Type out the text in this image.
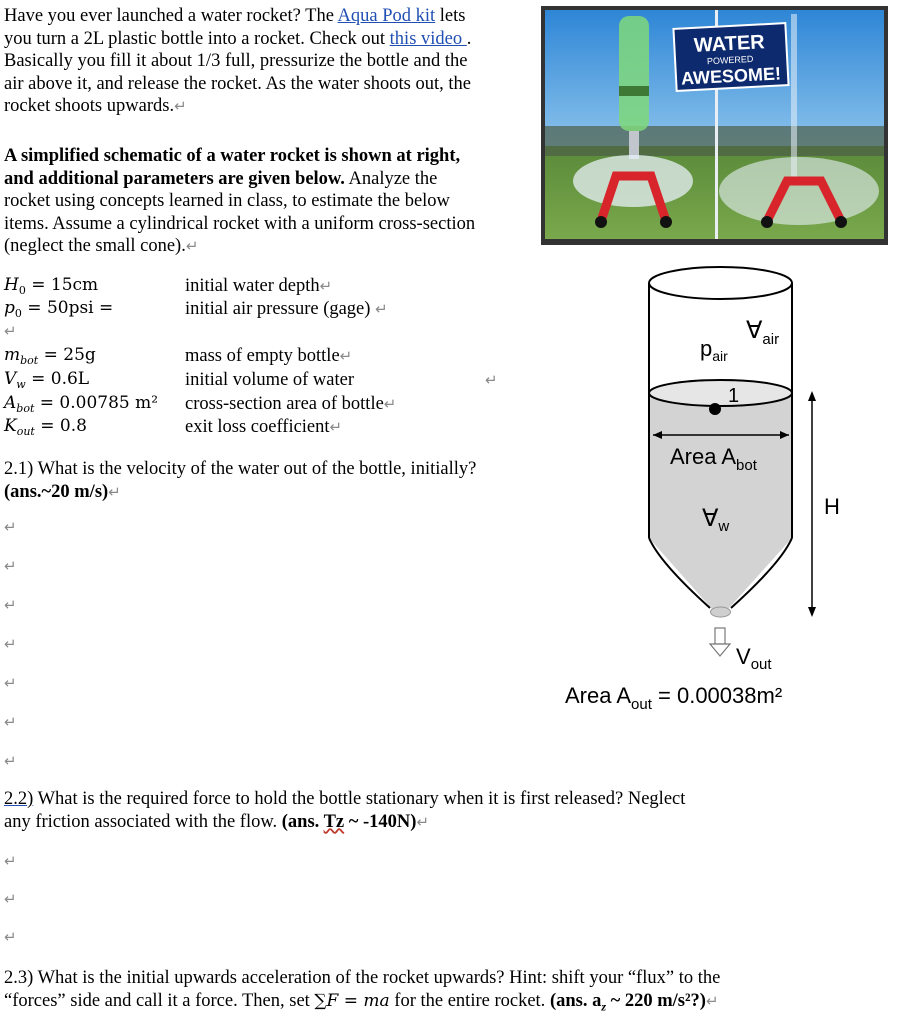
Have you ever launched a water rocket? The Aqua Pod kit lets
you turn a 2L plastic bottle into a rocket. Check out this video .
Basically you fill it about 1/3 full, pressurize the bottle and the
air above it, and release the rocket. As the water shoots out, the
rocket shoots upwards.↵
A simplified schematic of a water rocket is shown at right,
and additional parameters are given below. Analyze the
rocket using concepts learned in class, to estimate the below
items. Assume a cylindrical rocket with a uniform cross-section
(neglect the small cone).↵
$H_0 = 15cm$	initial water depth↵
$p_0 = 50psi$ =	initial air pressure (gage) ↵
↵
$m_{bot} = 25g$	mass of empty bottle↵
$V_w = 0.6L$	initial volume of water	↵
$A_{bot} = 0.00785$ m² cross-section area of bottle↵
$K_{out} = 0.8$	exit loss coefficient↵
2.1) What is the velocity of the water out of the bottle, initially?
(ans.~20 m/s)↵
↵
↵
↵
↵
↵
↵
↵
2.2) What is the required force to hold the bottle stationary when it is first released? Neglect
any friction associated with the flow. (ans. Tz ~ -140N)↵
↵
↵
↵
2.3) What is the initial upwards acceleration of the rocket upwards? Hint: shift your “flux” to the
“forces” side and call it a force. Then, set ∑F = ma for the entire rocket. (ans. $a_z$ ~ 220 m/s²?)↵
WATER
POWERED
AWESOME!
1
$p_{air}$
$\forall_{air}$
Area $A_{bot}$
$\forall_w$
H
$V_{out}$
Area $A_{out} = 0.00038m^2$
